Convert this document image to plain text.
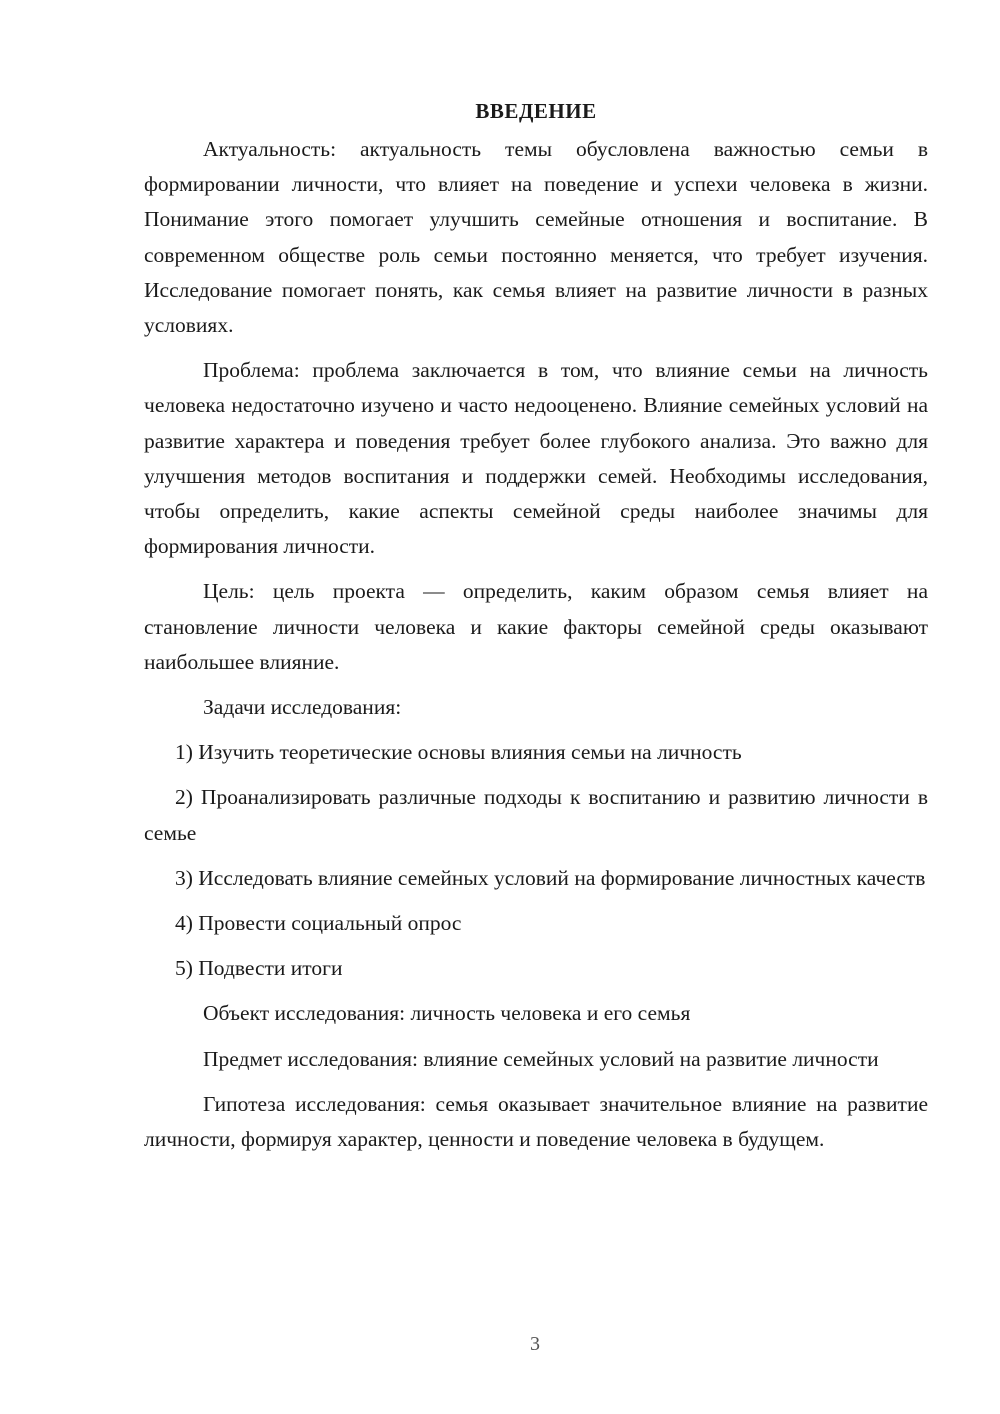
ВВЕДЕНИЕ

Актуальность: актуальность темы обусловлена важностью семьи в формировании личности, что влияет на поведение и успехи человека в жизни. Понимание этого помогает улучшить семейные отношения и воспитание. В современном обществе роль семьи постоянно меняется, что требует изучения. Исследование помогает понять, как семья влияет на развитие личности в разных условиях.

Проблема: проблема заключается в том, что влияние семьи на личность человека недостаточно изучено и часто недооценено. Влияние семейных условий на развитие характера и поведения требует более глубокого анализа. Это важно для улучшения методов воспитания и поддержки семей. Необходимы исследования, чтобы определить, какие аспекты семейной среды наиболее значимы для формирования личности.

Цель: цель проекта — определить, каким образом семья влияет на становление личности человека и какие факторы семейной среды оказывают наибольшее влияние.

Задачи исследования:

1) Изучить теоретические основы влияния семьи на личность

2) Проанализировать различные подходы к воспитанию и развитию личности в семье

3) Исследовать влияние семейных условий на формирование личностных качеств

4) Провести социальный опрос

5) Подвести итоги

Объект исследования: личность человека и его семья

Предмет исследования: влияние семейных условий на развитие личности

Гипотеза исследования: семья оказывает значительное влияние на развитие личности, формируя характер, ценности и поведение человека в будущем.

3
